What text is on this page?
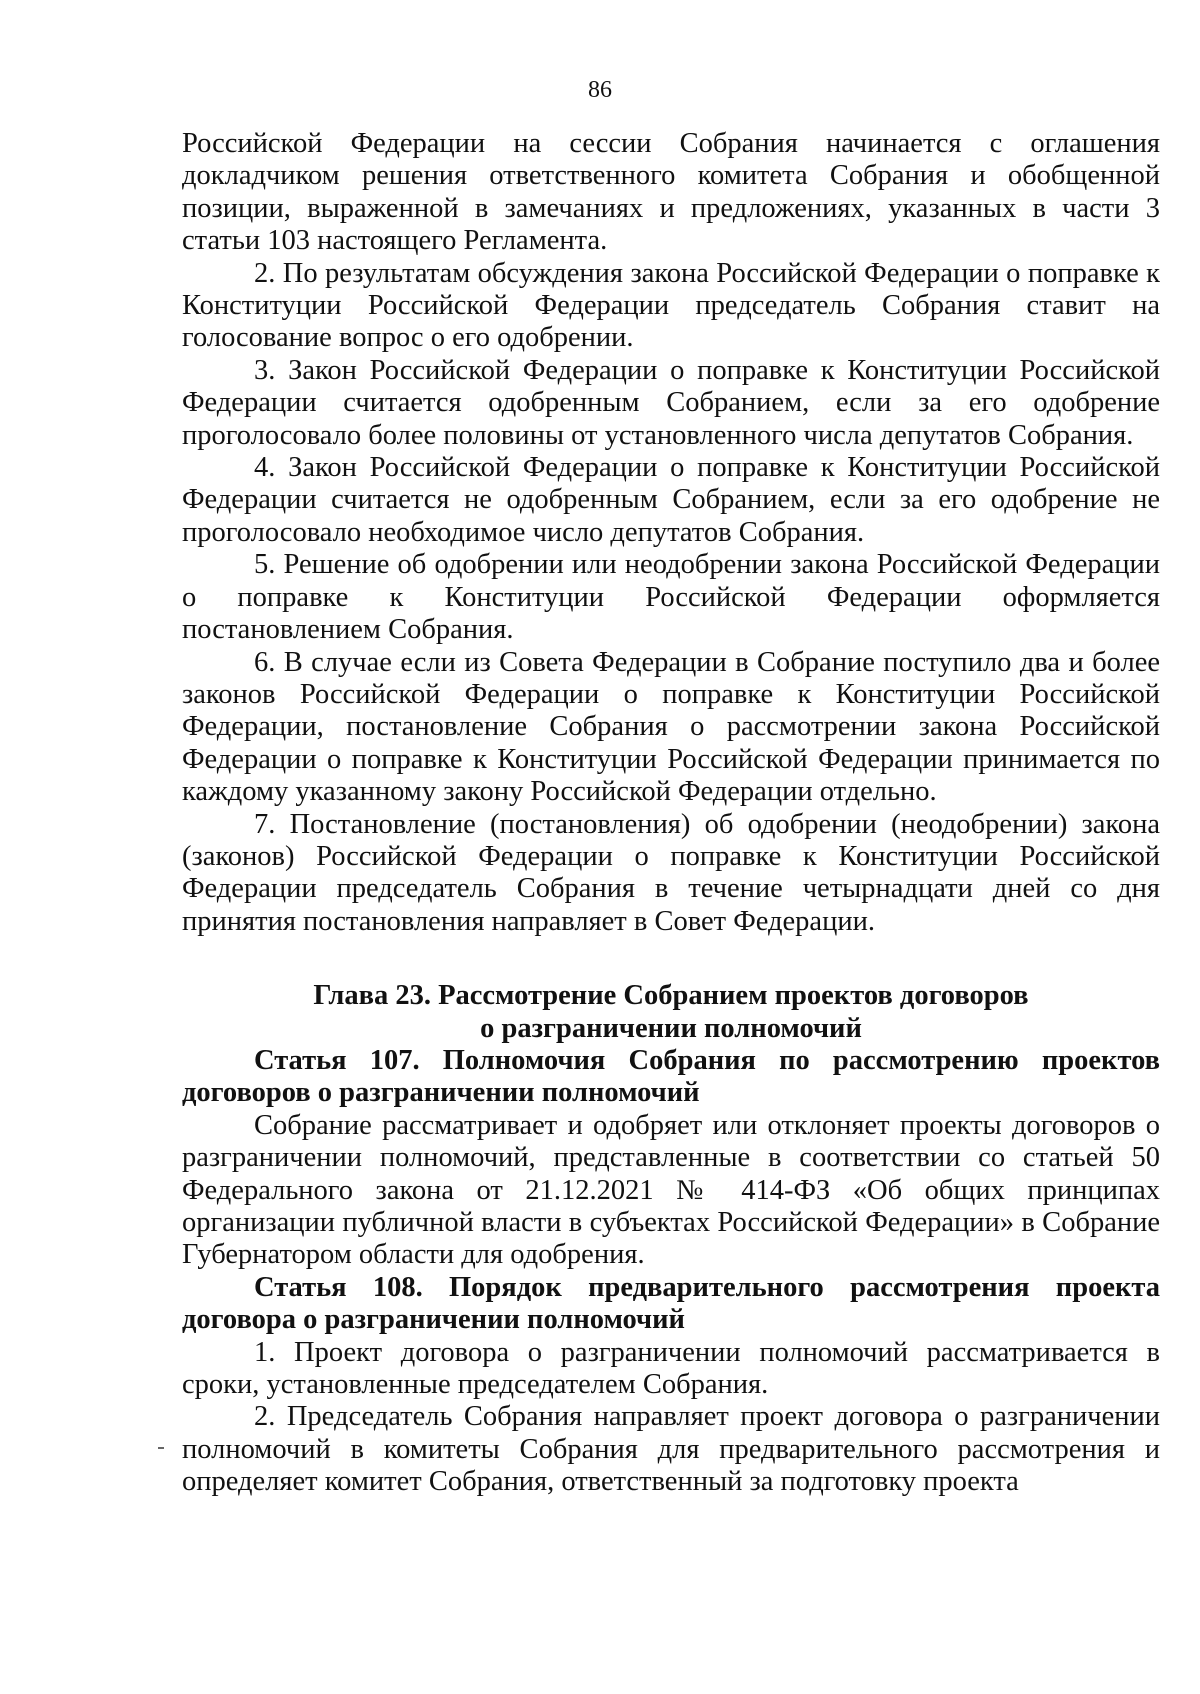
86

Российской Федерации на сессии Собрания начинается с оглашения докладчиком решения ответственного комитета Собрания и обобщенной позиции, выраженной в замечаниях и предложениях, указанных в части 3 статьи 103 настоящего Регламента.

2. По результатам обсуждения закона Российской Федерации о поправке к Конституции Российской Федерации председатель Собрания ставит на голосование вопрос о его одобрении.

3. Закон Российской Федерации о поправке к Конституции Российской Федерации считается одобренным Собранием, если за его одобрение проголосовало более половины от установленного числа депутатов Собрания.

4. Закон Российской Федерации о поправке к Конституции Российской Федерации считается не одобренным Собранием, если за его одобрение не проголосовало необходимое число депутатов Собрания.

5. Решение об одобрении или неодобрении закона Российской Федерации о поправке к Конституции Российской Федерации оформляется постановлением Собрания.

6. В случае если из Совета Федерации в Собрание поступило два и более законов Российской Федерации о поправке к Конституции Российской Федерации, постановление Собрания о рассмотрении закона Российской Федерации о поправке к Конституции Российской Федерации принимается по каждому указанному закону Российской Федерации отдельно.

7. Постановление (постановления) об одобрении (неодобрении) закона (законов) Российской Федерации о поправке к Конституции Российской Федерации председатель Собрания в течение четырнадцати дней со дня принятия постановления направляет в Совет Федерации.

Глава 23. Рассмотрение Собранием проектов договоров
о разграничении полномочий

Статья 107. Полномочия Собрания по рассмотрению проектов договоров о разграничении полномочий

Собрание рассматривает и одобряет или отклоняет проекты договоров о разграничении полномочий, представленные в соответствии со статьей 50 Федерального закона от 21.12.2021 № 414-ФЗ «Об общих принципах организации публичной власти в субъектах Российской Федерации» в Собрание Губернатором области для одобрения.

Статья 108. Порядок предварительного рассмотрения проекта договора о разграничении полномочий

1. Проект договора о разграничении полномочий рассматривается в сроки, установленные председателем Собрания.

2. Председатель Собрания направляет проект договора о разграничении полномочий в комитеты Собрания для предварительного рассмотрения и определяет комитет Собрания, ответственный за подготовку проекта
